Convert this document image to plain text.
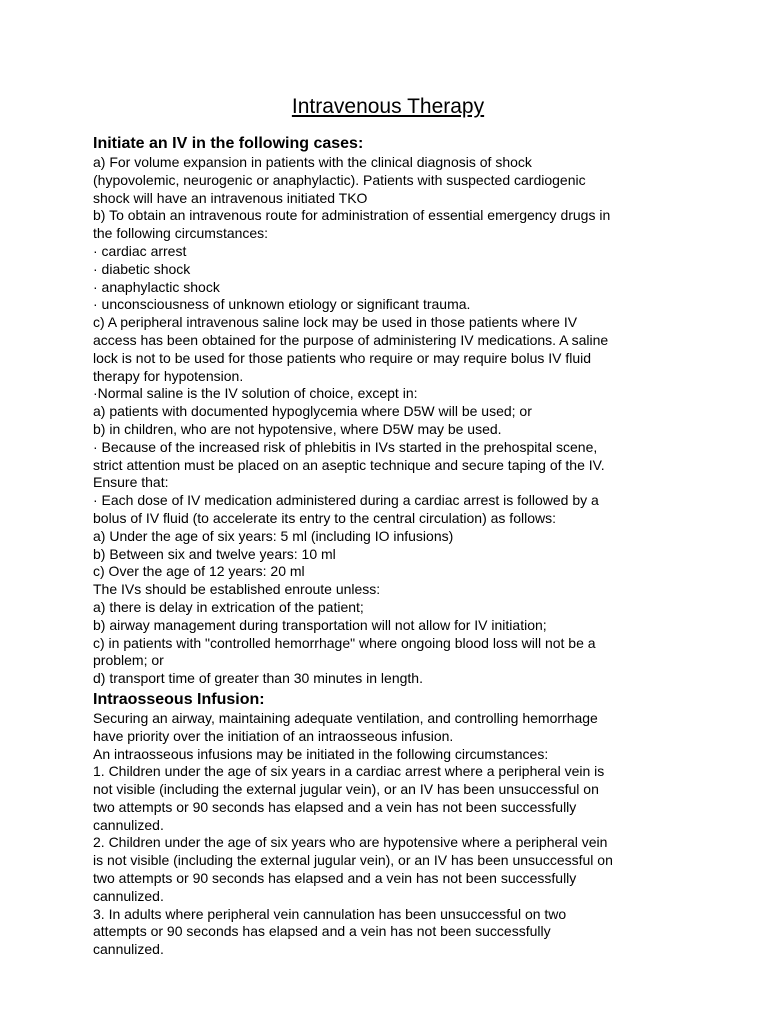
Intravenous Therapy
Initiate an IV in the following cases:
a) For volume expansion in patients with the clinical diagnosis of shock
(hypovolemic, neurogenic or anaphylactic). Patients with suspected cardiogenic
shock will have an intravenous initiated TKO
b) To obtain an intravenous route for administration of essential emergency drugs in
the following circumstances:
· cardiac arrest
· diabetic shock
· anaphylactic shock
· unconsciousness of unknown etiology or significant trauma.
c) A peripheral intravenous saline lock may be used in those patients where IV
access has been obtained for the purpose of administering IV medications. A saline
lock is not to be used for those patients who require or may require bolus IV fluid
therapy for hypotension.
·Normal saline is the IV solution of choice, except in:
a) patients with documented hypoglycemia where D5W will be used; or
b) in children, who are not hypotensive, where D5W may be used.
· Because of the increased risk of phlebitis in IVs started in the prehospital scene,
strict attention must be placed on an aseptic technique and secure taping of the IV.
Ensure that:
· Each dose of IV medication administered during a cardiac arrest is followed by a
bolus of IV fluid (to accelerate its entry to the central circulation) as follows:
a) Under the age of six years: 5 ml (including IO infusions)
b) Between six and twelve years: 10 ml
c) Over the age of 12 years: 20 ml
The IVs should be established enroute unless:
a) there is delay in extrication of the patient;
b) airway management during transportation will not allow for IV initiation;
c) in patients with "controlled hemorrhage" where ongoing blood loss will not be a
problem; or
d) transport time of greater than 30 minutes in length.
Intraosseous Infusion:
Securing an airway, maintaining adequate ventilation, and controlling hemorrhage
have priority over the initiation of an intraosseous infusion.
An intraosseous infusions may be initiated in the following circumstances:
1. Children under the age of six years in a cardiac arrest where a peripheral vein is
not visible (including the external jugular vein), or an IV has been unsuccessful on
two attempts or 90 seconds has elapsed and a vein has not been successfully
cannulized.
2. Children under the age of six years who are hypotensive where a peripheral vein
is not visible (including the external jugular vein), or an IV has been unsuccessful on
two attempts or 90 seconds has elapsed and a vein has not been successfully
cannulized.
3. In adults where peripheral vein cannulation has been unsuccessful on two
attempts or 90 seconds has elapsed and a vein has not been successfully
cannulized.
